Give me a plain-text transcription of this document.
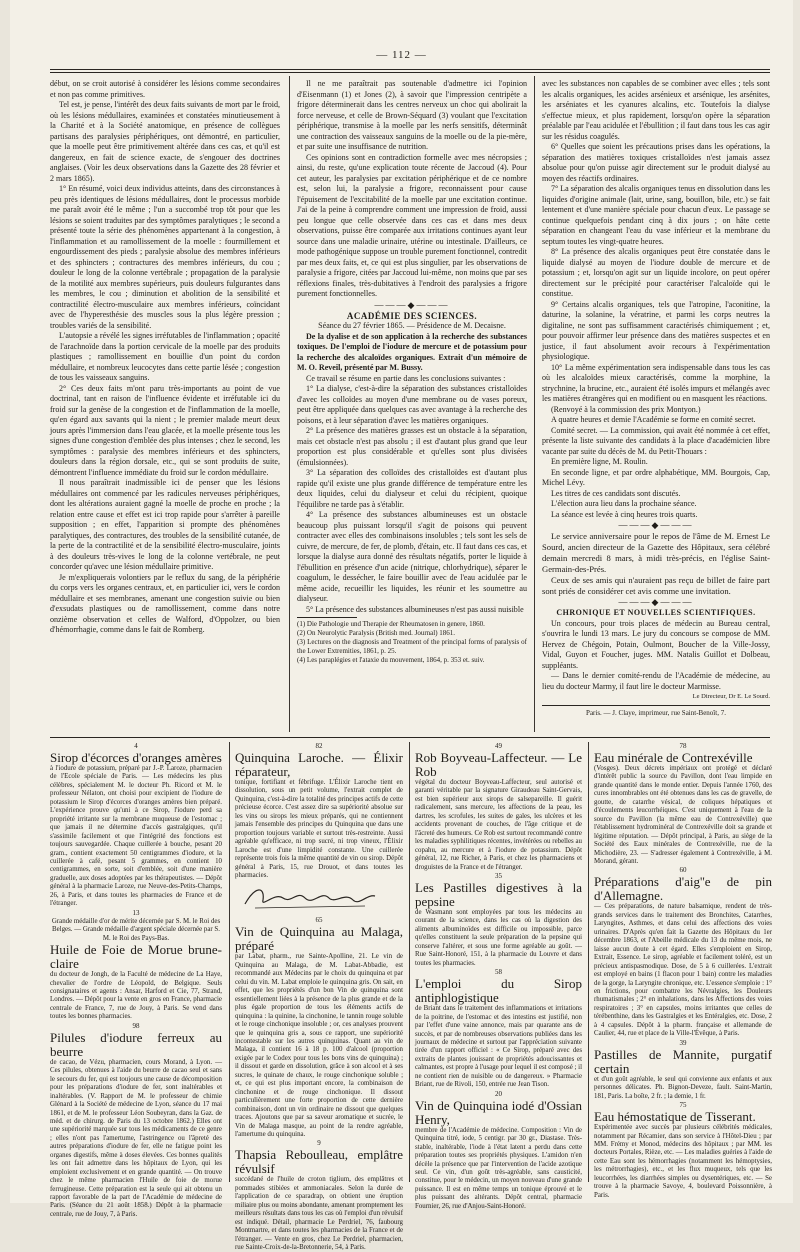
— 112 —

début, on se croit autorisé à considérer les lésions comme secondaires et non pas comme primitives.

Tel est, je pense, l'intérêt des deux faits suivants de mort par le froid, où les lésions médullaires, examinées et constatées minutieusement à la Charité et à la Société anatomique, en présence de collègues partisans des paralysies périphériques, ont démontré, en particulier, que la moelle peut être primitivement altérée dans ces cas, et qu'il est dangereux, en fait de science exacte, de s'engouer des doctrines anglaises. (Voir les deux observations dans la Gazette des 28 février et 2 mars 1865).

1° En résumé, voici deux individus atteints, dans des circonstances à peu près identiques de lésions médullaires, dont le processus morbide me paraît avoir été le même ; l'un a succombé trop tôt pour que les lésions se soient traduites par des symptômes paralytiques ; le second a présenté toute la série des phénomènes appartenant à la congestion, à l'inflammation et au ramollissement de la moelle : fourmillement et engourdissement des pieds ; paralysie absolue des membres inférieurs et des sphincters ; contractures des membres inférieurs, du cou ; douleur le long de la colonne vertébrale ; propagation de la paralysie de la motilité aux membres supérieurs, puis douleurs fulgurantes dans les membres, le cou ; diminution et abolition de la sensibilité et contractilité électro-musculaire aux membres inférieurs, coïncidant avec de l'hyperesthésie des muscles sous la plus légère pression ; troubles variés de la sensibilité.

L'autopsie a révélé les signes irréfutables de l'inflammation ; opacité de l'arachnoïde dans la portion cervicale de la moelle par des produits plastiques ; ramollissement en bouillie d'un point du cordon médullaire, et nombreux leucocytes dans cette partie lésée ; congestion de tous les vaisseaux sanguins.

2° Ces deux faits m'ont paru très-importants au point de vue doctrinal, tant en raison de l'influence évidente et irréfutable ici du froid sur la genèse de la congestion et de l'inflammation de la moelle, qu'en égard aux savants qui la nient ; le premier malade meurt deux jours après l'immersion dans l'eau glacée, et la moelle présente tous les signes d'une congestion d'emblée des plus intenses ; chez le second, les symptômes : paralysie des membres inférieurs et des sphincters, douleurs dans la région dorsale, etc., qui se sont produits de suite, démontrent l'influence immédiate du froid sur le cordon médullaire.

Il nous paraîtrait inadmissible ici de penser que les lésions médullaires ont commencé par les radicules nerveuses périphériques, dont les altérations auraient gagné la moelle de proche en proche ; la relation entre cause et effet est ici trop rapide pour s'arrêter à pareille supposition ; en effet, l'apparition si prompte des phénomènes paralytiques, des contractures, des troubles de la sensibilité cutanée, de la perte de la contractilité et de la sensibilité électro-musculaire, joints à des douleurs très-vives le long de la colonne vertébrale, ne peut concorder qu'avec une lésion médullaire primitive.

Je m'expliquerais volontiers par le reflux du sang, de la périphérie du corps vers les organes centraux, et, en particulier ici, vers le cordon médullaire et ses membranes, amenant une congestion suivie ou bien d'exsudats plastiques ou de ramollissement, comme dans notre onzième observation et celles de Walford, d'Oppolzer, ou bien d'hémorrhagie, comme dans le fait de Romberg.

Il ne me paraîtrait pas soutenable d'admettre ici l'opinion d'Eisenmann (1) et Jones (2), à savoir que l'impression centripète a frigore déterminerait dans les centres nerveux un choc qui abolirait la force nerveuse, et celle de Brown-Séquard (3) voulant que l'excitation périphérique, transmise à la moelle par les nerfs sensitifs, déterminât une contraction des vaisseaux sanguins de la moelle ou de la pie-mère, et par suite une insuffisance de nutrition.

Ces opinions sont en contradiction formelle avec mes nécropsies ; ainsi, du reste, qu'une explication toute récente de Jaccoud (4). Pour cet auteur, les paralysies par excitation périphérique et de ce nombre est, selon lui, la paralysie a frigore, reconnaissent pour cause l'épuisement de l'excitabilité de la moelle par une excitation continue. J'ai de la peine à comprendre comment une impression de froid, aussi peu longue que celle observée dans ces cas et dans mes deux observations, puisse être comparée aux irritations continues ayant leur source dans une maladie urinaire, utérine ou intestinale. D'ailleurs, ce mode pathogénique suppose un trouble purement fonctionnel, contredit par mes deux faits, et, ce qui est plus singulier, par les observations de paralysie a frigore, citées par Jaccoud lui-même, non moins que par ses réflexions finales, très-dubitatives à l'endroit des paralysies a frigore purement fonctionnelles.

———◆———

ACADÉMIE DES SCIENCES.

Séance du 27 février 1865. — Présidence de M. Decaisne.

De la dyalise et de son application à la recherche des substances toxiques. De l'emploi de l'iodure de mercure et de potassium pour la recherche des alcaloïdes organiques. Extrait d'un mémoire de M. O. Reveil, présenté par M. Bussy.

Ce travail se résume en partie dans les conclusions suivantes :

1° La dialyse, c'est-à-dire la séparation des substances cristalloïdes d'avec les colloïdes au moyen d'une membrane ou de vases poreux, peut être appliquée dans quelques cas avec avantage à la recherche des poisons, et à leur séparation d'avec les matières organiques.

2° La présence des matières grasses est un obstacle à la séparation, mais cet obstacle n'est pas absolu ; il est d'autant plus grand que leur proportion est plus considérable et qu'elles sont plus divisées (émulsionnées).

3° La séparation des colloïdes des cristalloïdes est d'autant plus rapide qu'il existe une plus grande différence de température entre les deux liquides, celui du dialyseur et celui du récipient, quoique l'équilibre ne tarde pas à s'établir.

4° La présence des substances albumineuses est un obstacle beaucoup plus puissant lorsqu'il s'agit de poisons qui peuvent contracter avec elles des combinaisons insolubles ; tels sont les sels de cuivre, de mercure, de fer, de plomb, d'étain, etc. Il faut dans ces cas, et lorsque la dialyse aura donné des résultats négatifs, porter le liquide à l'ébullition en présence d'un acide (nitrique, chlorhydrique), séparer le coagulum, le dessécher, le faire bouillir avec de l'eau acidulée par le même acide, recueillir les liquides, les réunir et les soumettre au dialyseur.

5° La présence des substances albumineuses n'est pas aussi nuisible

(1) Die Pathologie und Therapie der Rheumatosen in genere, 1860.

(2) On Neurolytic Paralysis (British med. Journal) 1861.

(3) Lectures on the diagnosis and Treatment of the principal forms of paralysis of the Lower Extremities, 1861, p. 25.

(4) Les paraplégies et l'ataxie du mouvement, 1864, p. 353 et. suiv.

avec les substances non capables de se combiner avec elles ; tels sont les alcalis organiques, les acides arsénieux et arsénique, les arsénites, les arséniates et les cyanures alcalins, etc. Toutefois la dialyse s'effectue mieux, et plus rapidement, lorsqu'on opère la séparation préalable par l'eau acidulée et l'ébullition ; il faut dans tous les cas agir sur les résidus coagulés.

6° Quelles que soient les précautions prises dans les opérations, la séparation des matières toxiques cristalloïdes n'est jamais assez absolue pour qu'on puisse agir directement sur le produit dialysé au moyen des réactifs ordinaires.

7° La séparation des alcalis organiques tenus en dissolution dans les liquides d'origine animale (lait, urine, sang, bouillon, bile, etc.) se fait lentement et d'une manière spéciale pour chacun d'eux. Le passage se continue quelquefois pendant cinq à dix jours ; on hâte cette séparation en changeant l'eau du vase inférieur et la membrane du septum toutes les vingt-quatre heures.

8° La présence des alcalis organiques peut être constatée dans le liquide dialysé au moyen de l'iodure double de mercure et de potassium ; et, lorsqu'on agit sur un liquide incolore, on peut opérer directement sur le précipité pour caractériser l'alcaloïde qui le constitue.

9° Certains alcalis organiques, tels que l'atropine, l'aconitine, la daturine, la solanine, la vératrine, et parmi les corps neutres la digitaline, ne sont pas suffisamment caractérisés chimiquement ; et, pour pouvoir affirmer leur présence dans des matières suspectes et en justice, il faut absolument avoir recours à l'expérimentation physiologique.

10° La même expérimentation sera indispensable dans tous les cas où les alcaloïdes mieux caractérisés, comme la morphine, la strychnine, la brucine, etc., auraient été isolés impurs et mélangés avec les matières étrangères qui en modifient ou en masquent les réactions.

(Renvoyé à la commission des prix Montyon.)

A quatre heures et demie l'Académie se forme en comité secret.

Comité secret. — La commission, qui avait été nommée à cet effet, présente la liste suivante des candidats à la place d'académicien libre vacante par suite du décès de M. du Petit-Thouars :

En première ligne, M. Roulin.

En seconde ligne, et par ordre alphabétique, MM. Bourgois, Cap, Michel Lévy.

Les titres de ces candidats sont discutés.

L'élection aura lieu dans la prochaine séance.

La séance est levée à cinq heures trois quarts.

———◆———

Le service anniversaire pour le repos de l'âme de M. Ernest Le Sourd, ancien directeur de la Gazette des Hôpitaux, sera célébré demain mercredi 8 mars, à midi très-précis, en l'église Saint-Germain-des-Prés.

Ceux de ses amis qui n'auraient pas reçu de billet de faire part sont priés de considérer cet avis comme une invitation.

———◆———

CHRONIQUE ET NOUVELLES SCIENTIFIQUES.

Un concours, pour trois places de médecin au Bureau central, s'ouvrira le lundi 13 mars. Le jury du concours se compose de MM. Hervez de Chégoin, Potain, Oulmont, Boucher de la Ville-Jossy, Vidal, Guyon et Foucher, juges. MM. Natalis Guillot et Dolbeau, suppléants.

— Dans le dernier comité-rendu de l'Académie de médecine, au lieu du docteur Marmy, il faut lire le docteur Marmisse.

Le Directeur, Dr E. Le Sourd.

Paris. — J. Claye, imprimeur, rue Saint-Benoît, 7.

4

Sirop d'écorces d'oranges amères

à l'iodure de potassium, préparé par J.-P. Laroze, pharmacien de l'Ecole spéciale de Paris. — Les médecins les plus célèbres, spécialement M. le docteur Ph. Ricord et M. le professeur Nélaton, ont choisi pour excipient de l'iodure de potassium le Sirop d'écorces d'oranges amères bien préparé. L'expérience prouve qu'uni à ce Sirop, l'iodure perd sa propriété irritante sur la membrane muqueuse de l'estomac ; que jamais il ne détermine d'accès gastralgiques, qu'il s'assimile facilement et que l'intégrité des fonctions est toujours sauvegardée. Chaque cuillerée à bouche, pesant 20 gram., contient exactement 50 centigrammes d'iodure, et la cuillerée à café, pesant 5 grammes, en contient 10 centigrammes, en sorte, soit d'emblée, soit d'une manière graduelle, aux doses adoptées par les thérapeutistes. — Dépôt général à la pharmacie Laroze, rue Neuve-des-Petits-Champs, 26, à Paris, et dans toutes les pharmacies de France et de l'étranger.

13

Grande médaille d'or de mérite décernée par S. M. le Roi des Belges. — Grande médaille d'argent spéciale décernée par S. M. le Roi des Pays-Bas.

Huile de Foie de Morue brune-claire

du docteur de Jongh, de la Faculté de médecine de La Haye, chevalier de l'ordre de Léopold, de Belgique. Seuls consignataires et agents : Ansar, Harford et Cie, 77, Strand, Londres. — Dépôt pour la vente en gros en France, pharmacie centrale de France, 7, rue de Jouy, à Paris. Se vend dans toutes les bonnes pharmacies.

98

Pilules d'iodure ferreux au beurre

de cacao, de Vézu, pharmacien, cours Morand, à Lyon. — Ces pilules, obtenues à l'aide du beurre de cacao seul et sans le secours du fer, qui est toujours une cause de décomposition pour les préparations d'iodure de fer, sont inaltérables et inaltérables. (V. Rapport de M. le professeur de chimie Glénard à la Société de médecine de Lyon, séance du 17 mai 1861, et de M. le professeur Léon Soubeyran, dans la Gaz. de méd. et de chirurg. de Paris du 13 octobre 1862.) Elles ont une supériorité marquée sur tous les médicaments de ce genre ; elles n'ont pas l'amertume, l'astringence ou l'âpreté des autres préparations d'iodure de fer, elle ne fatigue point les organes digestifs, même à doses élevées. Ces bonnes qualités les ont fait admettre dans les hôpitaux de Lyon, qui les emploient exclusivement et en grande quantité. — On trouve chez le même pharmacien l'Huile de foie de morue ferrugineuse. Cette préparation est la seule qui ait obtenu un rapport favorable de la part de l'Académie de médecine de Paris. (Séance du 21 août 1858.) Dépôt à la pharmacie centrale, rue de Jouy, 7, à Paris.

82

Quinquina Laroche. — Élixir réparateur,

tonique, fortifiant et fébrifuge. L'Élixir Laroche tient en dissolution, sous un petit volume, l'extrait complet de Quinquina, c'est-à-dire la totalité des principes actifs de cette précieuse écorce. C'est assez dire sa supériorité absolue sur les vins ou sirops les mieux préparés, qui ne contiennent jamais l'ensemble des principes du Quinquina que dans une proportion toujours variable et surtout très-restreinte. Aussi agréable qu'efficace, ni trop sucré, ni trop vineux, l'Élixir Laroche est d'une limpidité constante. Une cuillerée représente trois fois la même quantité de vin ou sirop. Dépôt général à Paris, 15, rue Drouot, et dans toutes les pharmacies.

65

Vin de Quinquina au Malaga, préparé

par Labat, pharm., rue Sainte-Apolline, 21. Le vin de Quinquina au Malaga, de M. Labat-Abbadie, est recommandé aux Médecins par le choix du quinquina et par celui du vin. M. Labat emploie le quinquina gris. On sait, en effet, que les propriétés d'un bon Vin de quinquina sont essentiellement liées à la présence de la plus grande et de la plus égale proportion de tous les éléments actifs de quinquina : la quinine, la cinchonine, le tannin rouge soluble et le rouge cinchonique insoluble ; or, ces analyses prouvent que le quinquina gris a, sous ce rapport, une supériorité incontestable sur les autres quinquinas. Quant au vin de Malaga, il contient 16 à 18 p. 100 d'alcool (proportion exigée par le Codex pour tous les bons vins de quinquina) ; il dissout et garde en dissolution, grâce à son alcool et à ses sucres, le quinate de chaux, le rouge cinchonique soluble ; et, ce qui est plus important encore, la combinaison de cinchonine et de rouge cinchonique. Il dissout particulièrement une forte proportion de cette dernière combinaison, dont un vin ordinaire ne dissout que quelques traces. Ajoutons que par sa saveur aromatique et sucrée, le Vin de Malaga masque, au point de la rendre agréable, l'amertume du quinquina.

9

Thapsia Reboulleau, emplâtre révulsif

succédané de l'huile de croton tiglium, des emplâtres et pommades stibiées et ammoniacales. Selon la durée de l'application de ce sparadrap, on obtient une éruption miliaire plus ou moins abondante, amenant promptement les meilleurs résultats dans tous les cas où l'emploi d'un révulsif est indiqué. Détail, pharmacie Le Perdriel, 76, faubourg Montmartre, et dans toutes les pharmacies de la France et de l'étranger. — Vente en gros, chez Le Perdriel, pharmacien, rue Sainte-Croix-de-la-Bretonnerie, 54, à Paris.

49

Rob Boyveau-Laffecteur. — Le Rob

végétal du docteur Boyveau-Laffecteur, seul autorisé et garanti véritable par la signature Giraudeau Saint-Gervais, est bien supérieur aux sirops de salsepareille. Il guérit radicalement, sans mercure, les affections de la peau, les dartres, les scrofules, les suites de gales, les ulcères et les accidents provenant de couches, de l'âge critique et de l'âcreté des humeurs. Ce Rob est surtout recommandé contre les maladies syphilitiques récentes, invétérées ou rebelles au copahu, au mercure et à l'iodure de potassium. Dépôt général, 12, rue Richer, à Paris, et chez les pharmaciens et droguistes de la France et de l'étranger.

35

Les Pastilles digestives à la pepsine

de Wasmann sont employées par tous les médecins au courant de la science, dans les cas où la digestion des aliments albuminoïdes est difficile ou impossible, parce qu'elles constituent la seule préparation de la pepsine qui conserve l'altérer, et sous une forme agréable au goût. — Rue Saint-Honoré, 151, à la pharmacie du Louvre et dans toutes les pharmacies.

58

L'emploi du Sirop antiphlogistique

de Briant dans le traitement des inflammations et irritations de la poitrine, de l'estomac et des intestins est justifié, non par l'effet d'une vaine annonce, mais par quarante ans de succès, et par de nombreuses observations publiées dans les journaux de médecine et surtout par l'appréciation suivante tirée d'un rapport officiel : « Ce Sirop, préparé avec des extraits de plantes jouissant de propriétés adoucissantes et calmantes, est propre à l'usage pour lequel il est composé ; il ne contient rien de nuisible ou de dangereux. » Pharmacie Briant, rue de Rivoli, 150, entrée rue Jean Tison.

20

Vin de Quinquina iodé d'Ossian Henry,

membre de l'Académie de médecine. Composition : Vin de Quinquina titré, iode, 5 centigr. par 30 gr., Diastase. Très-stable, inaltérable, l'iode à l'état latent a perdu dans cette préparation toutes ses propriétés physiques. L'amidon n'en décèle la présence que par l'intervention de l'acide azotique seul. Ce vin, d'un goût très-agréable, sans causticité, constitue, pour le médecin, un moyen nouveau d'une grande puissance. Il est en même temps un tonique éprouvé et le plus puissant des altérants. Dépôt central, pharmacie Fournier, 26, rue d'Anjou-Saint-Honoré.

78

Eau minérale de Contrexéville

(Vosges). Deux décrets impériaux ont protégé et déclaré d'intérêt public la source du Pavillon, dont l'eau limpide en grande quantité dans le monde entier. Depuis l'année 1760, des cures innombrables ont été obtenues dans les cas de gravelle, de goutte, de catarrhe vésical, de coliques hépatiques et d'écoulements leucorrhéiques. C'est uniquement à l'eau de la source du Pavillon (la même eau de Contrexéville) que l'établissement hydrominéral de Contrexéville doit sa grande et légitime réputation. — Dépôt principal, à Paris, au siège de la Société des Eaux minérales de Contrexéville, rue de la Michodière, 23. — S'adresser également à Contrexéville, à M. Morand, gérant.

60

Préparations d'aig''e de pin d'Allemagne.

— Ces préparations, de nature balsamique, rendent de très-grands services dans le traitement des Bronchites, Catarrhes, Laryngites, Asthmes, et dans celui des affections des voies urinaires. D'Après qu'en fait la Gazette des Hôpitaux du 1er décembre 1863, et l'Abeille médicale du 13 du même mois, ne laisse aucun doute à cet égard. Elles s'emploient en Sirop, Extrait, Essence. Le sirop, agréable et facilement toléré, est un précieux antispasmodique. Dose, de 5 à 6 cuillerées. L'extrait est employé en bains (1 flacon pour 1 bain) contre les maladies de la gorge, la Laryngite chronique, etc. L'essence s'emploie : 1° en frictions, pour combattre les Névralgies, les Douleurs rhumatismales ; 2° en inhalations, dans les Affections des voies respiratoires ; 3° en capsules, moins irritantes que celles de térébenthine, dans les Gastralgies et les Entéralgies, etc. Dose, 2 à 4 capsules. Dépôt à la pharm. française et allemande de Caulier, 44, rue et place de la Ville-l'Évêque, à Paris.

39

Pastilles de Mannite, purgatif certain

et d'un goût agréable, le seul qui convienne aux enfants et aux personnes délicates. Ph. Bignon-Deveze, fault. Saint-Martin, 181, Paris. La boîte, 2 fr. ; la demie, 1 fr.

75

Eau hémostatique de Tisserant.

Expérimentée avec succès par plusieurs célébrités médicales, notamment par Récamier, dans son service à l'Hôtel-Dieu ; par MM. Frémy et Monod, médecins des hôpitaux ; par MM. les docteurs Portales, Rièze, etc. — Les maladies guéries à l'aide de cette Eau sont les hémorrhagies (notamment les hémoptysies, les métrorrhagies), etc., et les flux muqueux, tels que les leucorrhées, les diarrhées simples ou dysentériques, etc. — Se trouve à la pharmacie Savoye, 4, boulevard Poissonnière, à Paris.
